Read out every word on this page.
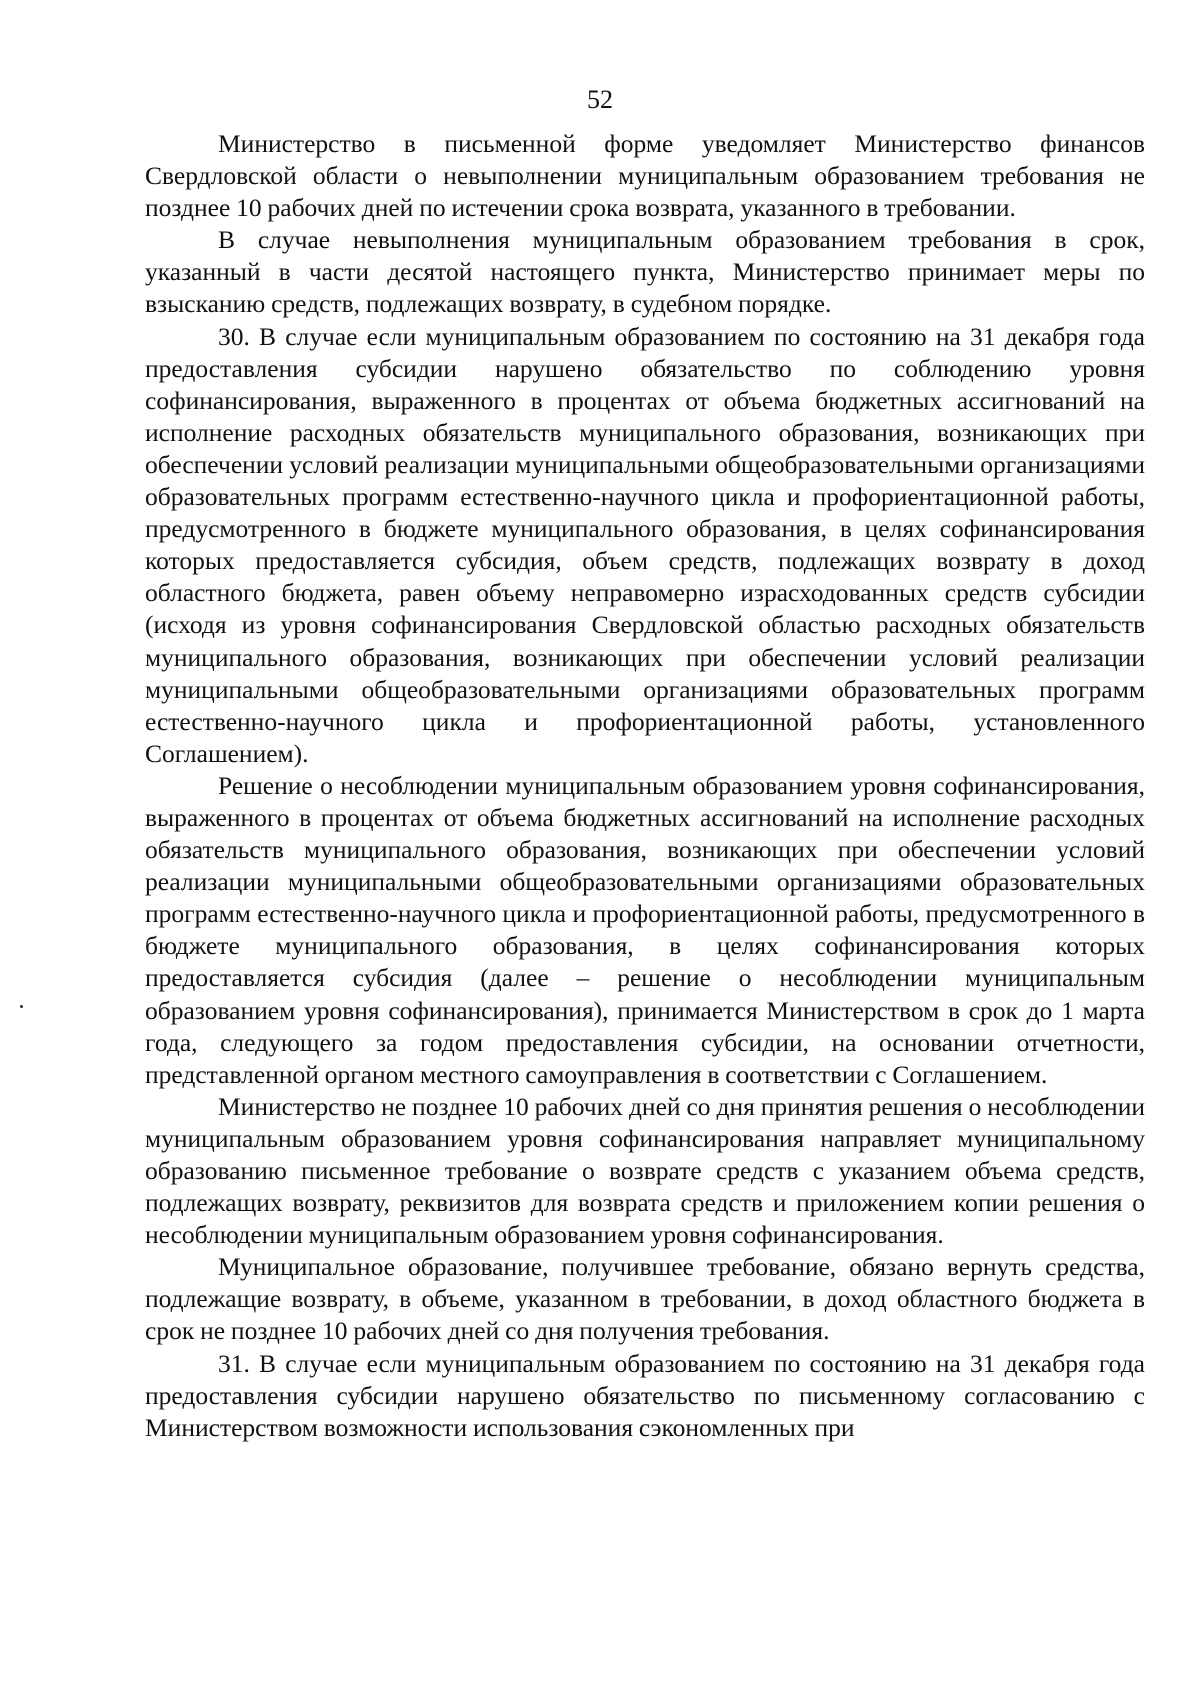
52

Министерство в письменной форме уведомляет Министерство финансов Свердловской области о невыполнении муниципальным образованием требования не позднее 10 рабочих дней по истечении срока возврата, указанного в требовании.

В случае невыполнения муниципальным образованием требования в срок, указанный в части десятой настоящего пункта, Министерство принимает меры по взысканию средств, подлежащих возврату, в судебном порядке.

30. В случае если муниципальным образованием по состоянию на 31 декабря года предоставления субсидии нарушено обязательство по соблюдению уровня софинансирования, выраженного в процентах от объема бюджетных ассигнований на исполнение расходных обязательств муниципального образования, возникающих при обеспечении условий реализации муниципальными общеобразовательными организациями образовательных программ естественно-научного цикла и профориентационной работы, предусмотренного в бюджете муниципального образования, в целях софинансирования которых предоставляется субсидия, объем средств, подлежащих возврату в доход областного бюджета, равен объему неправомерно израсходованных средств субсидии (исходя из уровня софинансирования Свердловской областью расходных обязательств муниципального образования, возникающих при обеспечении условий реализации муниципальными общеобразовательными организациями образовательных программ естественно-научного цикла и профориентационной работы, установленного Соглашением).

Решение о несоблюдении муниципальным образованием уровня софинансирования, выраженного в процентах от объема бюджетных ассигнований на исполнение расходных обязательств муниципального образования, возникающих при обеспечении условий реализации муниципальными общеобразовательными организациями образовательных программ естественно-научного цикла и профориентационной работы, предусмотренного в бюджете муниципального образования, в целях софинансирования которых предоставляется субсидия (далее – решение о несоблюдении муниципальным образованием уровня софинансирования), принимается Министерством в срок до 1 марта года, следующего за годом предоставления субсидии, на основании отчетности, представленной органом местного самоуправления в соответствии с Соглашением.

Министерство не позднее 10 рабочих дней со дня принятия решения о несоблюдении муниципальным образованием уровня софинансирования направляет муниципальному образованию письменное требование о возврате средств с указанием объема средств, подлежащих возврату, реквизитов для возврата средств и приложением копии решения о несоблюдении муниципальным образованием уровня софинансирования.

Муниципальное образование, получившее требование, обязано вернуть средства, подлежащие возврату, в объеме, указанном в требовании, в доход областного бюджета в срок не позднее 10 рабочих дней со дня получения требования.

31. В случае если муниципальным образованием по состоянию на 31 декабря года предоставления субсидии нарушено обязательство по письменному согласованию с Министерством возможности использования сэкономленных при
